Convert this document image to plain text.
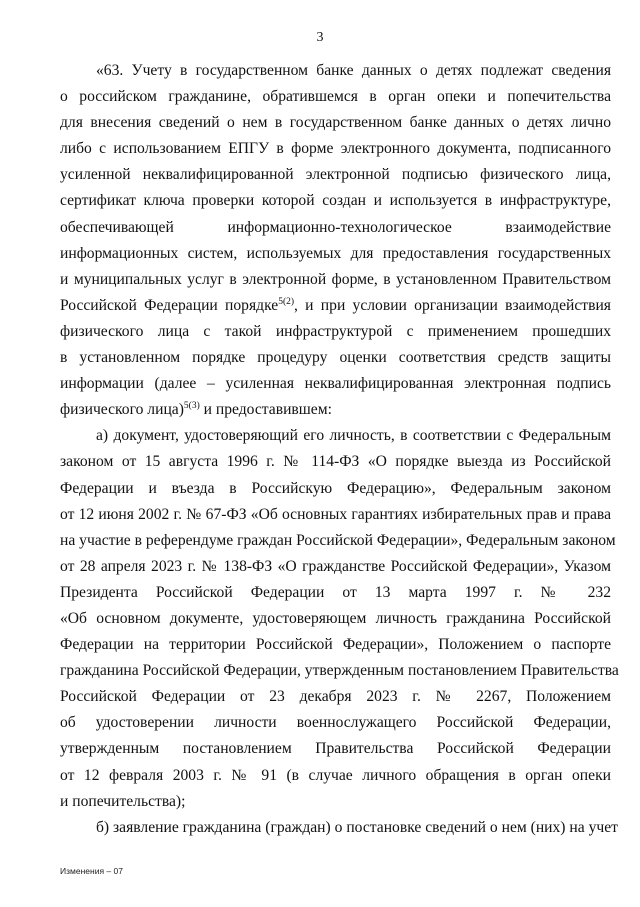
3
«63. Учету в государственном банке данных о детях подлежат сведения
о российском гражданине, обратившемся в орган опеки и попечительства
для внесения сведений о нем в государственном банке данных о детях лично
либо с использованием ЕПГУ в форме электронного документа, подписанного
усиленной неквалифицированной электронной подписью физического лица,
сертификат ключа проверки которой создан и используется в инфраструктуре,
обеспечивающей информационно-технологическое взаимодействие
информационных систем, используемых для предоставления государственных
и муниципальных услуг в электронной форме, в установленном Правительством
Российской Федерации порядке$^{5(2)}$, и при условии организации взаимодействия
физического лица с такой инфраструктурой с применением прошедших
в установленном порядке процедуру оценки соответствия средств защиты
информации (далее – усиленная неквалифицированная электронная подпись
физического лица)$^{5(3)}$ и предоставившем:
а) документ, удостоверяющий его личность, в соответствии с Федеральным
законом от 15 августа 1996 г. № 114-ФЗ «О порядке выезда из Российской
Федерации и въезда в Российскую Федерацию», Федеральным законом
от 12 июня 2002 г. № 67-ФЗ «Об основных гарантиях избирательных прав и права
на участие в референдуме граждан Российской Федерации», Федеральным законом
от 28 апреля 2023 г. № 138-ФЗ «О гражданстве Российской Федерации», Указом
Президента Российской Федерации от 13 марта 1997 г. № 232
«Об основном документе, удостоверяющем личность гражданина Российской
Федерации на территории Российской Федерации», Положением о паспорте
гражданина Российской Федерации, утвержденным постановлением Правительства
Российской Федерации от 23 декабря 2023 г. № 2267, Положением
об удостоверении личности военнослужащего Российской Федерации,
утвержденным постановлением Правительства Российской Федерации
от 12 февраля 2003 г. № 91 (в случае личного обращения в орган опеки
и попечительства);
б) заявление гражданина (граждан) о постановке сведений о нем (них) на учет
Изменения – 07
